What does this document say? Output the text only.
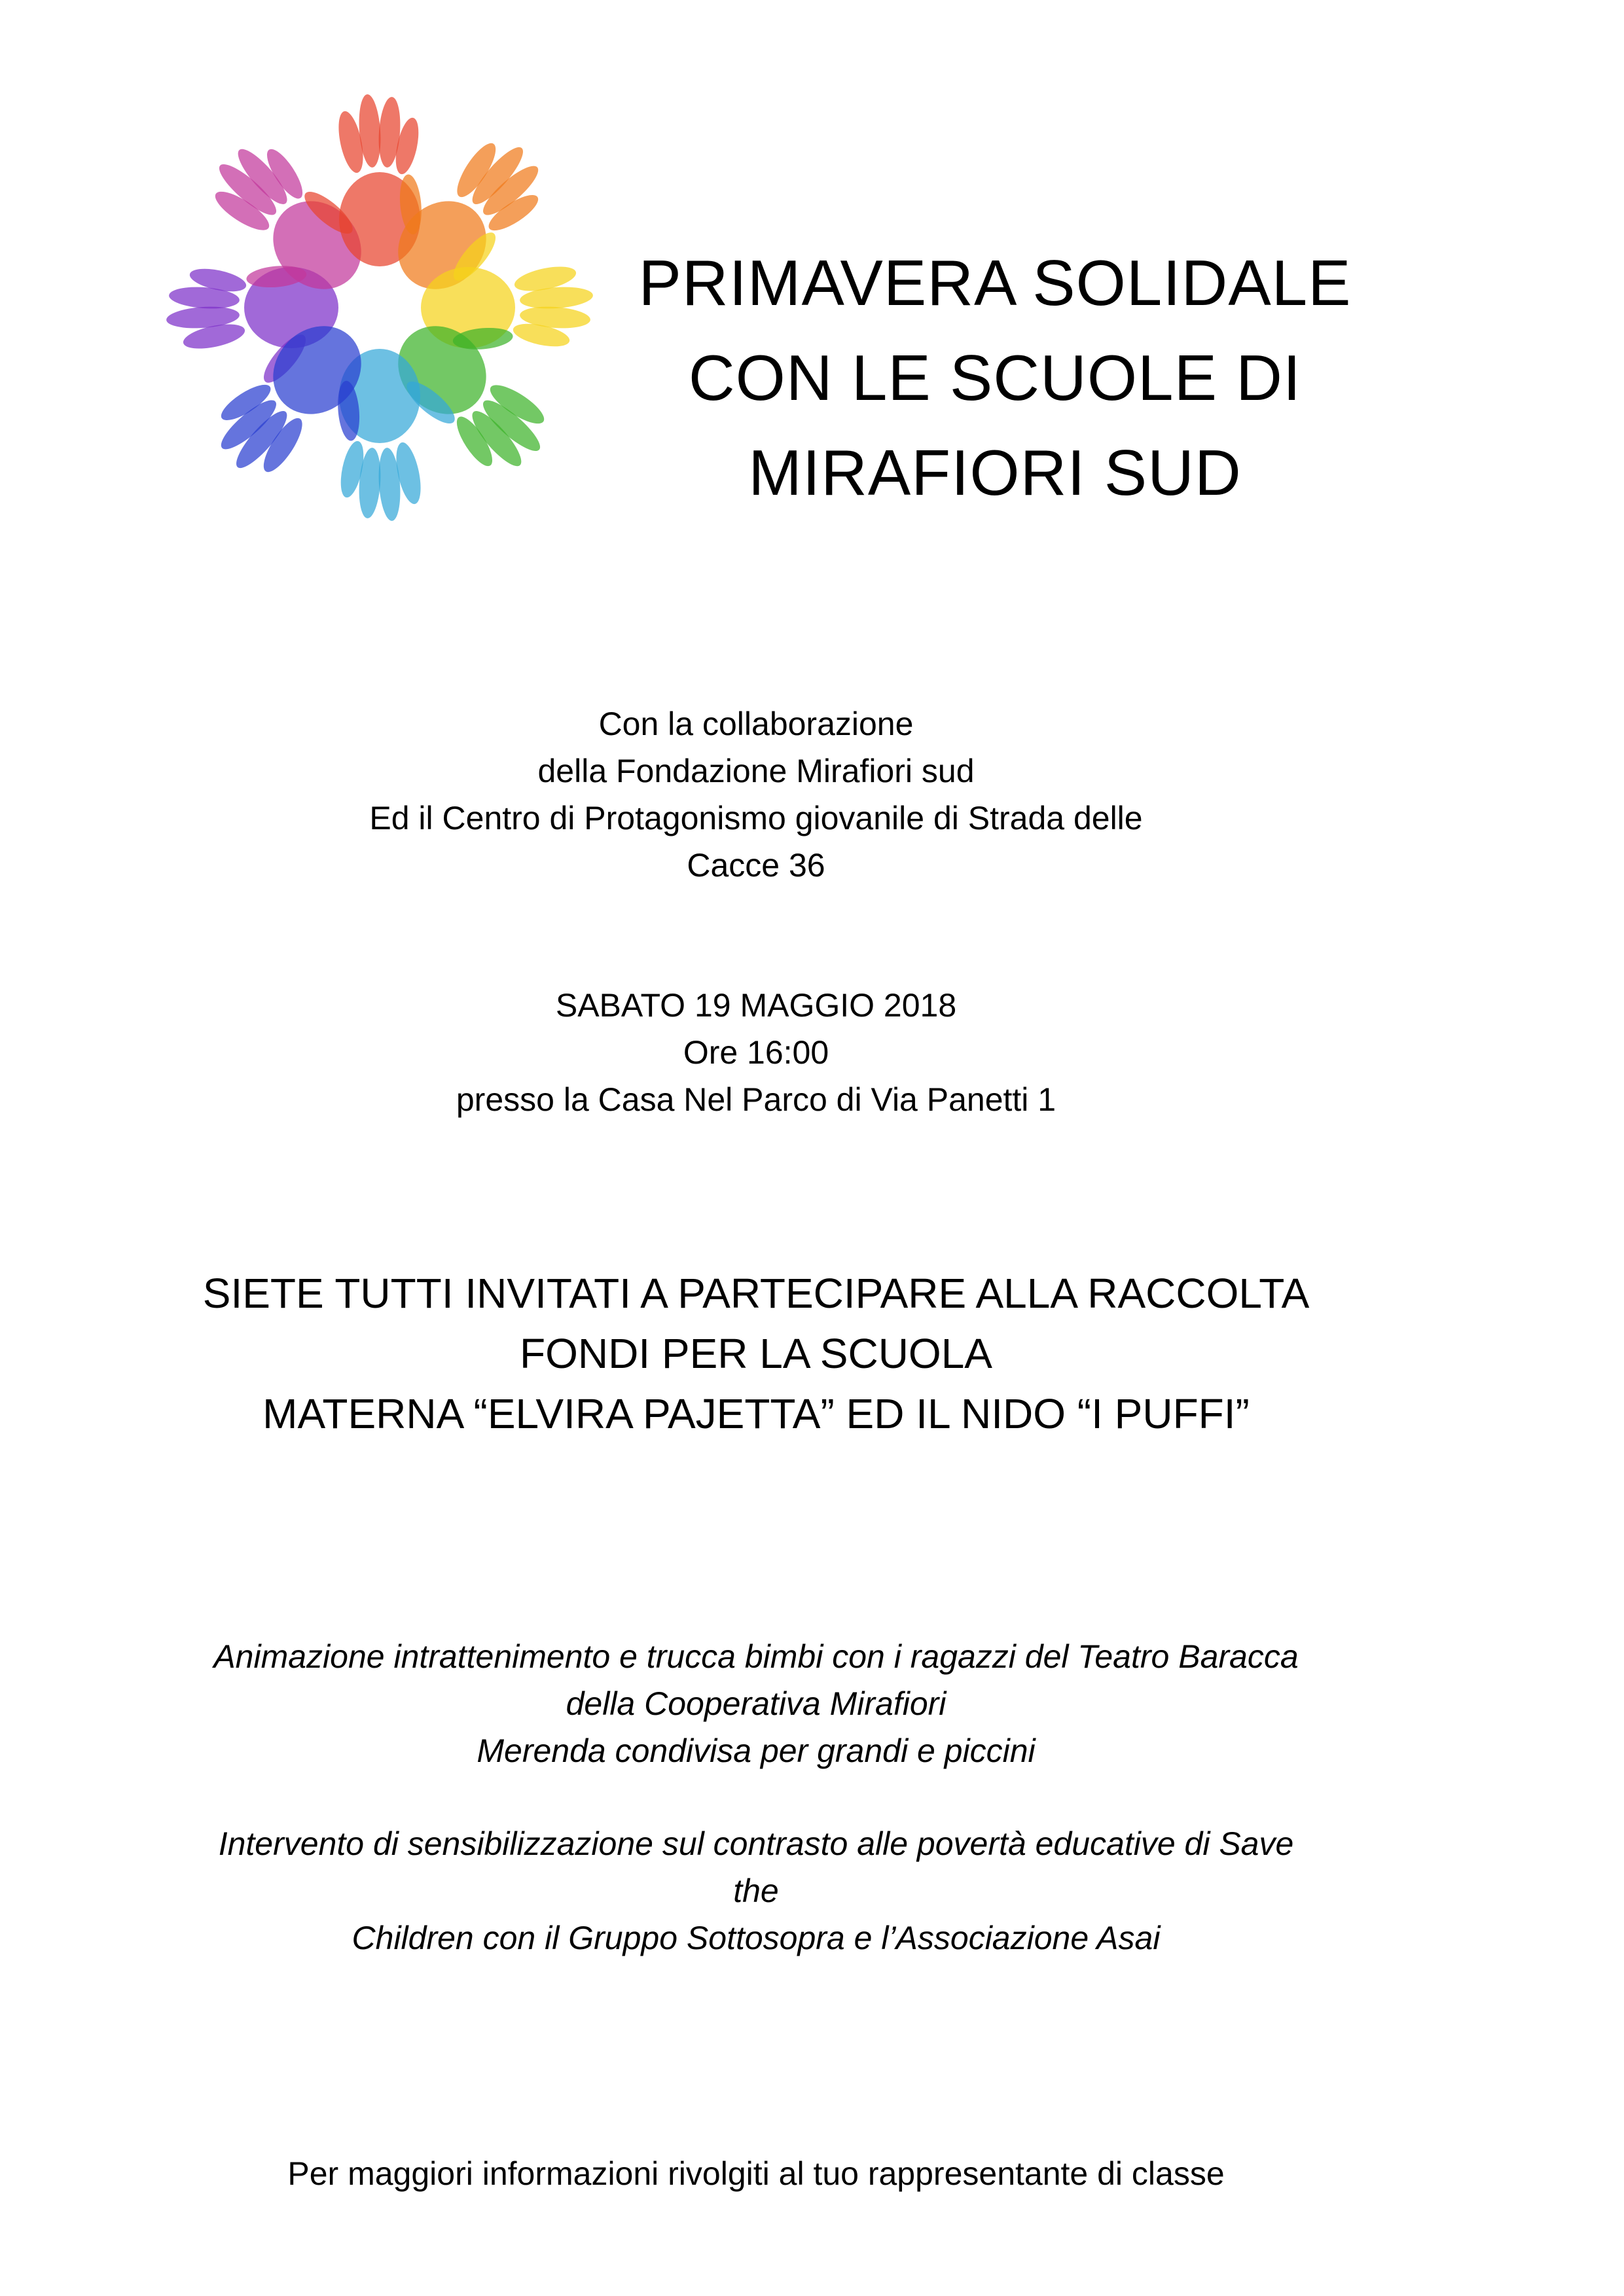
PRIMAVERA SOLIDALE
CON LE SCUOLE DI
MIRAFIORI SUD
Con la collaborazione
della Fondazione Mirafiori sud
Ed il Centro di Protagonismo giovanile di Strada delle
Cacce 36
SABATO 19 MAGGIO 2018
Ore 16:00
presso la Casa Nel Parco di Via Panetti 1
SIETE TUTTI INVITATI A PARTECIPARE ALLA RACCOLTA
FONDI PER LA SCUOLA
MATERNA “ELVIRA PAJETTA” ED IL NIDO “I PUFFI”
Animazione intrattenimento e trucca bimbi con i ragazzi del Teatro Baracca
della Cooperativa Mirafiori
Merenda condivisa per grandi e piccini
Intervento di sensibilizzazione sul contrasto alle povertà educative di Save
the
Children con il Gruppo Sottosopra e l’Associazione Asai
Per maggiori informazioni rivolgiti al tuo rappresentante di classe
